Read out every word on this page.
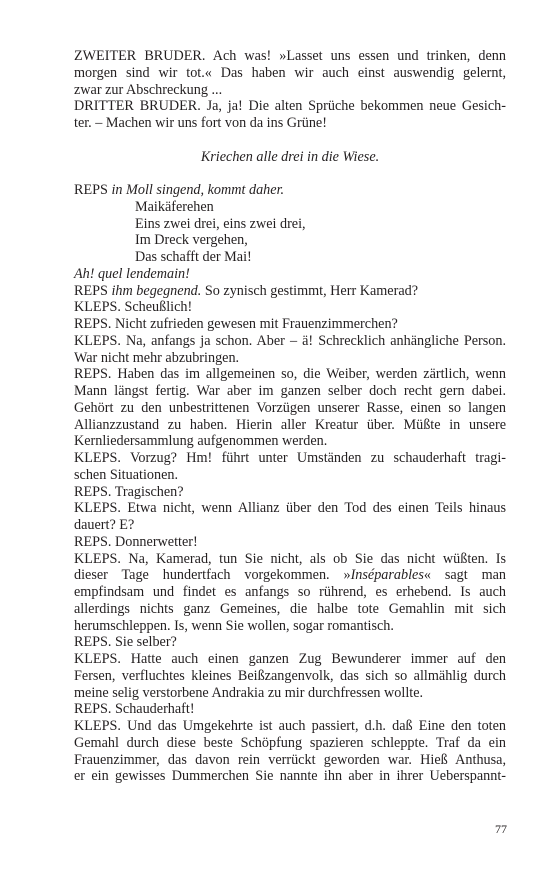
ZWEITER BRUDER. Ach was! »Lasset uns essen und trinken, denn
morgen sind wir tot.« Das haben wir auch einst auswendig gelernt,
zwar zur Abschreckung ...
DRITTER BRUDER. Ja, ja! Die alten Sprüche bekommen neue Gesich-
ter. – Machen wir uns fort von da ins Grüne!
Kriechen alle drei in die Wiese.
REPS in Moll singend, kommt daher.
Maikäferehen
Eins zwei drei, eins zwei drei,
Im Dreck vergehen,
Das schafft der Mai!
Ah! quel lendemain!
REPS ihm begegnend. So zynisch gestimmt, Herr Kamerad?
KLEPS. Scheußlich!
REPS. Nicht zufrieden gewesen mit Frauenzimmerchen?
KLEPS. Na, anfangs ja schon. Aber – ä! Schrecklich anhängliche Person.
War nicht mehr abzubringen.
REPS. Haben das im allgemeinen so, die Weiber, werden zärtlich, wenn
Mann längst fertig. War aber im ganzen selber doch recht gern dabei.
Gehört zu den unbestrittenen Vorzügen unserer Rasse, einen so langen
Allianzzustand zu haben. Hierin aller Kreatur über. Müßte in unsere
Kernliedersammlung aufgenommen werden.
KLEPS. Vorzug? Hm! führt unter Umständen zu schauderhaft tragi-
schen Situationen.
REPS. Tragischen?
KLEPS. Etwa nicht, wenn Allianz über den Tod des einen Teils hinaus
dauert? E?
REPS. Donnerwetter!
KLEPS. Na, Kamerad, tun Sie nicht, als ob Sie das nicht wüßten. Is
dieser Tage hundertfach vorgekommen. »Inséparables« sagt man
empfindsam und findet es anfangs so rührend, es erhebend. Is auch
allerdings nichts ganz Gemeines, die halbe tote Gemahlin mit sich
herumschleppen. Is, wenn Sie wollen, sogar romantisch.
REPS. Sie selber?
KLEPS. Hatte auch einen ganzen Zug Bewunderer immer auf den
Fersen, verfluchtes kleines Beißzangenvolk, das sich so allmählig durch
meine selig verstorbene Andrakia zu mir durchfressen wollte.
REPS. Schauderhaft!
KLEPS. Und das Umgekehrte ist auch passiert, d.h. daß Eine den toten
Gemahl durch diese beste Schöpfung spazieren schleppte. Traf da ein
Frauenzimmer, das davon rein verrückt geworden war. Hieß Anthusa,
er ein gewisses Dummerchen Sie nannte ihn aber in ihrer Ueberspannt-
77
